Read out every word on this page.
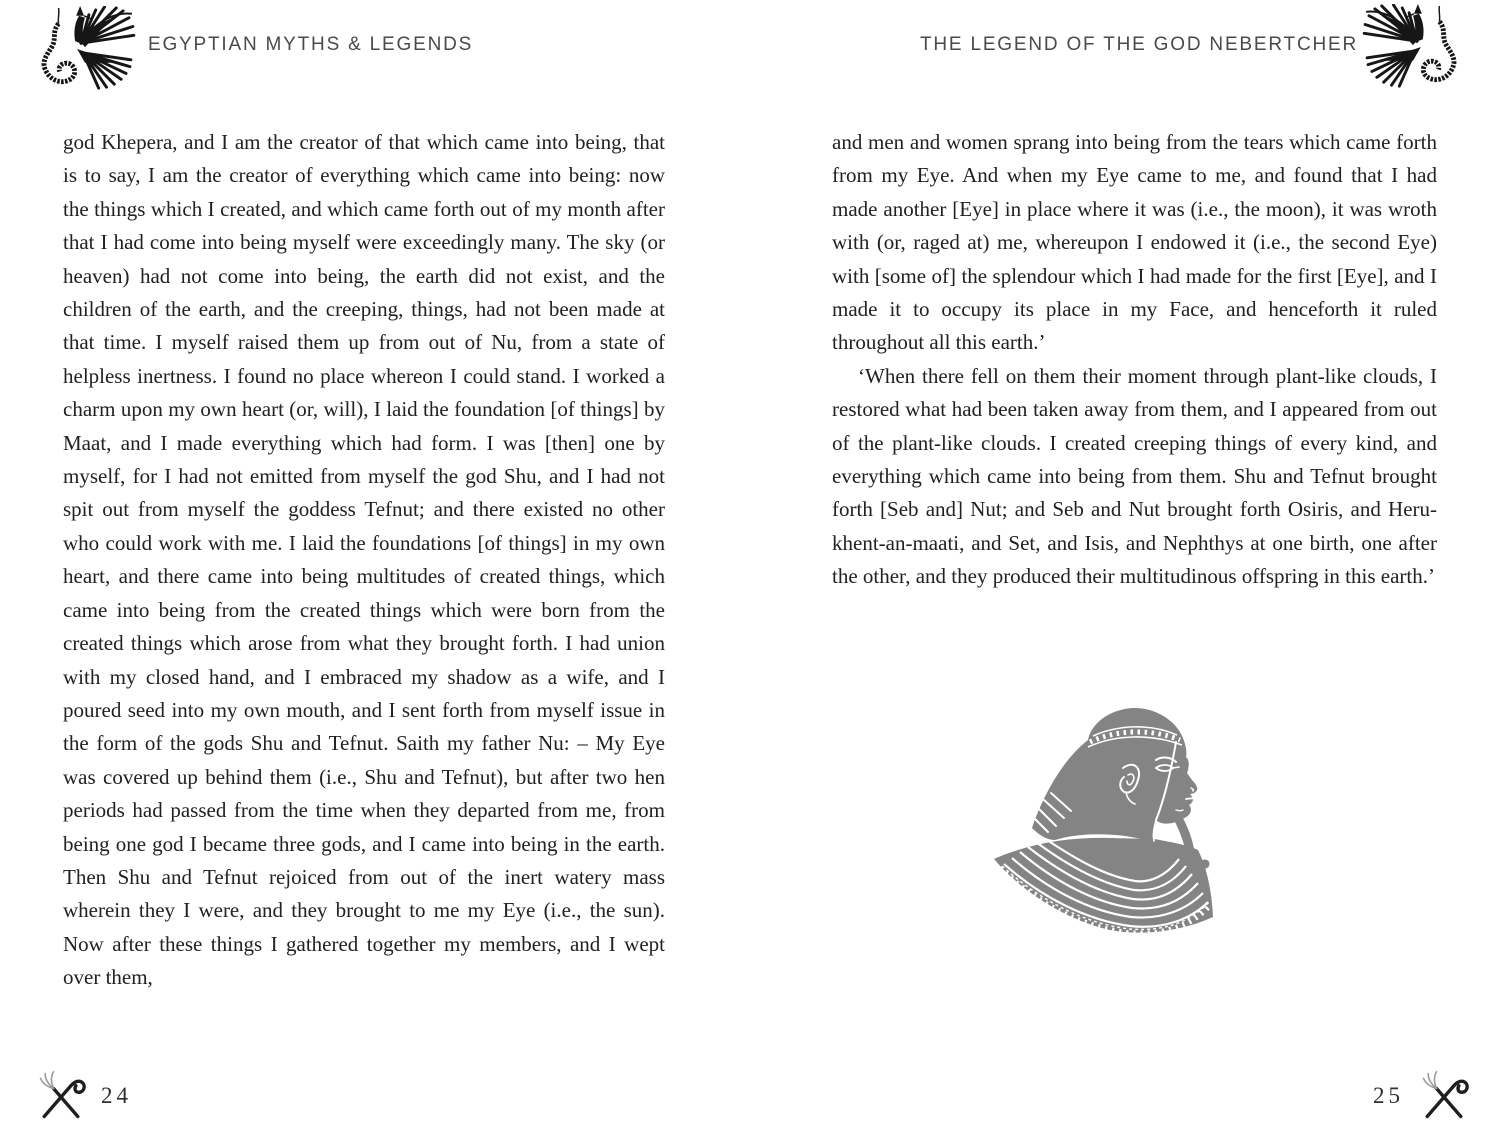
EGYPTIAN MYTHS & LEGENDS	THE LEGEND OF THE GOD NEBERTCHER

god Khepera, and I am the creator of that which came into being, that is to say, I am the creator of everything which came into being: now the things which I created, and which came forth out of my month after that I had come into being myself were exceedingly many. The sky (or heaven) had not come into being, the earth did not exist, and the children of the earth, and the creeping, things, had not been made at that time. I myself raised them up from out of Nu, from a state of helpless inertness. I found no place whereon I could stand. I worked a charm upon my own heart (or, will), I laid the foundation [of things] by Maat, and I made everything which had form. I was [then] one by myself, for I had not emitted from myself the god Shu, and I had not spit out from myself the goddess Tefnut; and there existed no other who could work with me. I laid the foundations [of things] in my own heart, and there came into being multitudes of created things, which came into being from the created things which were born from the created things which arose from what they brought forth. I had union with my closed hand, and I embraced my shadow as a wife, and I poured seed into my own mouth, and I sent forth from myself issue in the form of the gods Shu and Tefnut. Saith my father Nu: – My Eye was covered up behind them (i.e., Shu and Tefnut), but after two hen periods had passed from the time when they departed from me, from being one god I became three gods, and I came into being in the earth. Then Shu and Tefnut rejoiced from out of the inert watery mass wherein they I were, and they brought to me my Eye (i.e., the sun). Now after these things I gathered together my members, and I wept over them,

and men and women sprang into being from the tears which came forth from my Eye. And when my Eye came to me, and found that I had made another [Eye] in place where it was (i.e., the moon), it was wroth with (or, raged at) me, whereupon I endowed it (i.e., the second Eye) with [some of] the splendour which I had made for the first [Eye], and I made it to occupy its place in my Face, and henceforth it ruled throughout all this earth.’

‘When there fell on them their moment through plant-like clouds, I restored what had been taken away from them, and I appeared from out of the plant-like clouds. I created creeping things of every kind, and everything which came into being from them. Shu and Tefnut brought forth [Seb and] Nut; and Seb and Nut brought forth Osiris, and Heru-khent-an-maati, and Set, and Isis, and Nephthys at one birth, one after the other, and they produced their multitudinous offspring in this earth.’

24	25
